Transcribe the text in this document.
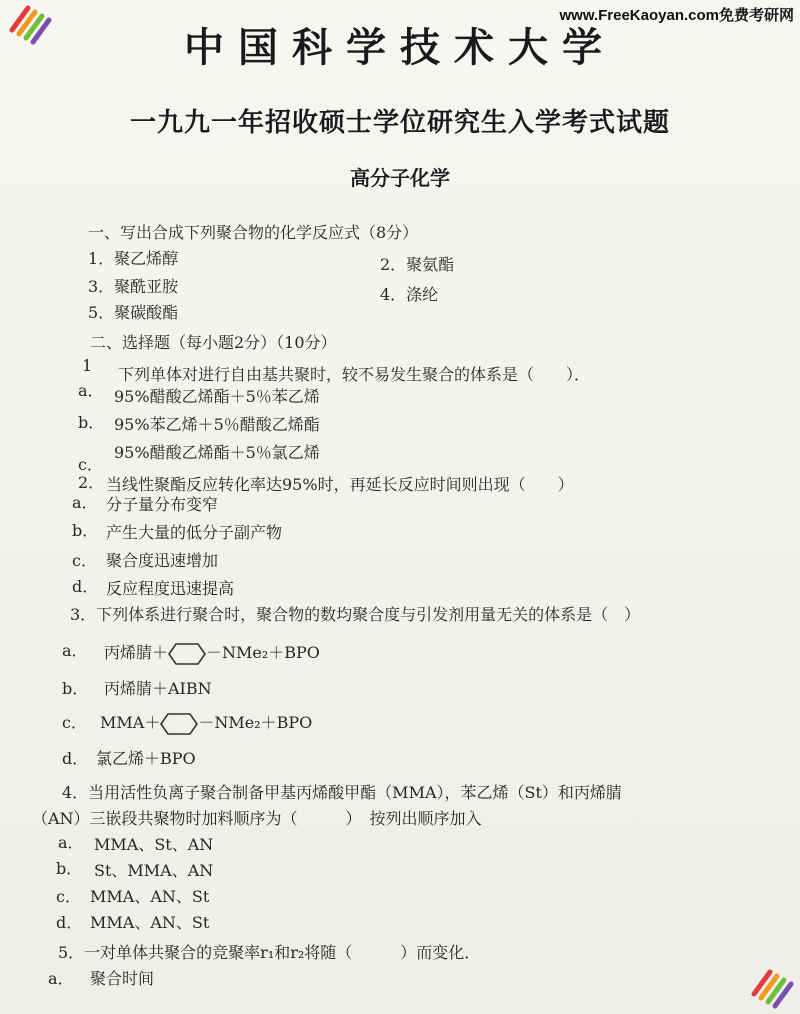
www.FreeKaoyan.com免费考研网
中国科学技术大学
一九九一年招收硕士学位研究生入学考式试题
高分子化学
一、写出合成下列聚合物的化学反应式（8分）
1．聚乙烯醇	2．聚氨酯
3．聚酰亚胺	4．涤纶
5．聚碳酸酯
二、选择题（每小题2分）（10分）
1 下列单体对进行自由基共聚时，较不易发生聚合的体系是（　　）．
a． 95%醋酸乙烯酯＋5％苯乙烯
b． 95%苯乙烯＋5％醋酸乙烯酯
95%醋酸乙烯酯＋5％氯乙烯
c．
2． 当线性聚酯反应转化率达95%时，再延长反应时间则出现（　　）
a． 分子量分布变窄
b． 产生大量的低分子副产物
c． 聚合度迅速增加
d． 反应程度迅速提高
3．下列体系进行聚合时，聚合物的数均聚合度与引发剂用量无关的体系是（　）
a． 丙烯腈＋ －NMe₂＋BPO
b． 丙烯腈＋AIBN
c． MMA＋ －NMe₂＋BPO
d． 氯乙烯＋BPO
4．当用活性负离子聚合制备甲基丙烯酸甲酯（MMA），苯乙烯（St）和丙烯腈
（AN）三嵌段共聚物时加料顺序为（　　　）　按列出顺序加入
a． MMA、St、AN
b． St、MMA、AN
c． MMA、AN、St
d． MMA、AN、St
5．一对单体共聚合的竞聚率r₁和r₂将随（　　　）而变化．
a． 聚合时间
